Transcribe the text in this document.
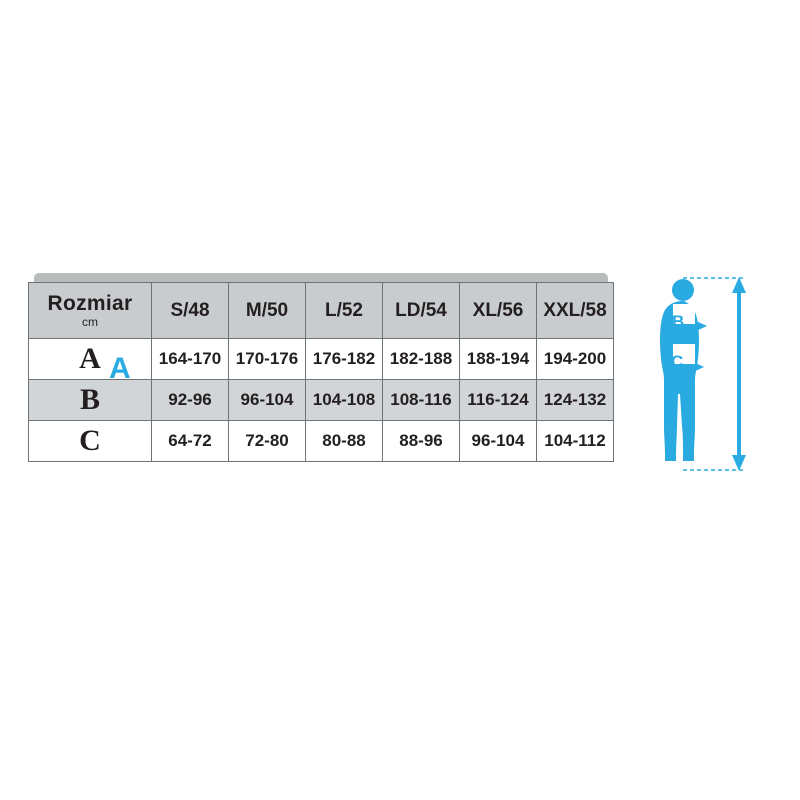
Rozmiar
cm	S/48	M/50	L/52	LD/54	XL/56	XXL/58
A	164-170	170-176	176-182	182-188	188-194	194-200
B	92-96	96-104	104-108	108-116	116-124	124-132
C	64-72	72-80	80-88	88-96	96-104	104-112
A
B
C
